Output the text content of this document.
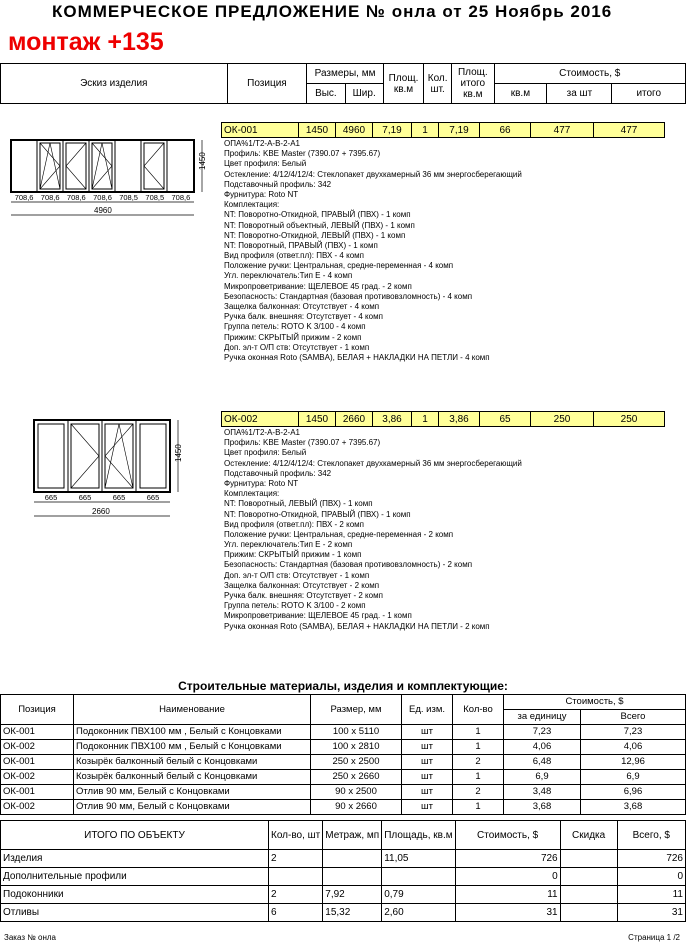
КОММЕРЧЕСКОЕ ПРЕДЛОЖЕНИЕ № онла от 25 Ноябрь 2016
монтаж +135
Эскиз изделия	Позиция	Размеры, мм		Площ. кв.м	Кол. шт.	Площ. итого кв.м	Стоимость, $		
		Выс.	Шир.				кв.м	за шт	итого
ОК-001	1450	4960	7,19	1	7,19	66	477	477
ОПА%1/Т2-А-В-2-А1
Профиль: KBE Master (7390.07 + 7395.67)
Цвет профиля: Белый
Остекление: 4/12/4/12/4: Стеклопакет двухкамерный 36 мм энергосберегающий
Подставочный профиль: 342
Фурнитура: Roto NT
Комплектация:
NT: Поворотно-Откидной, ПРАВЫЙ (ПВХ) - 1 комп
NT: Поворотный объектный, ЛЕВЫЙ (ПВХ) - 1 комп
NT: Поворотно-Откидной, ЛЕВЫЙ (ПВХ) - 1 комп
NT: Поворотный, ПРАВЫЙ (ПВХ) - 1 комп
Вид профиля (ответ.пл): ПВХ - 4 комп
Положение ручки: Центральная, средне-переменная - 4 комп
Угл. переключатель:Тип Е - 4 комп
Микропроветривание: ЩЕЛЕВОЕ 45 град. - 2 комп
Безопасность: Стандартная (базовая противовзломность) - 4 комп
Защелка балконная: Отсутствует - 4 комп
Ручка балк. внешняя: Отсутствует - 4 комп
Группа петель: ROTO K 3/100 - 4 комп
Прижим: СКРЫТЫЙ прижим - 2 комп
Доп. эл-т О/П ств: Отсутствует - 1 комп
Ручка оконная Roto (SAMBA), БЕЛАЯ + НАКЛАДКИ НА ПЕТЛИ - 4 комп
1450
708,6 708,6 708,6 708,6 708,5 708,5 708,6
4960
ОК-002	1450	2660	3,86	1	3,86	65	250	250
ОПА%1/Т2-А-В-2-А1
Профиль: KBE Master (7390.07 + 7395.67)
Цвет профиля: Белый
Остекление: 4/12/4/12/4: Стеклопакет двухкамерный 36 мм энергосберегающий
Подставочный профиль: 342
Фурнитура: Roto NT
Комплектация:
NT: Поворотный, ЛЕВЫЙ (ПВХ) - 1 комп
NT: Поворотно-Откидной, ПРАВЫЙ (ПВХ) - 1 комп
Вид профиля (ответ.пл): ПВХ - 2 комп
Положение ручки: Центральная, средне-переменная - 2 комп
Угл. переключатель:Тип Е - 2 комп
Прижим: СКРЫТЫЙ прижим - 1 комп
Безопасность: Стандартная (базовая противовзломность) - 2 комп
Доп. эл-т О/П ств: Отсутствует - 1 комп
Защелка балконная: Отсутствует - 2 комп
Ручка балк. внешняя: Отсутствует - 2 комп
Группа петель: ROTO K 3/100 - 2 комп
Микропроветривание: ЩЕЛЕВОЕ 45 град. - 1 комп
Ручка оконная Roto (SAMBA), БЕЛАЯ + НАКЛАДКИ НА ПЕТЛИ - 2 комп
1450
665	665	665	665
2660
Строительные материалы, изделия и комплектующие:
Позиция	Наименование	Размер, мм	Ед. изм.	Кол-во	Стоимость, $	
					за единицу	Всего
ОК-001	Подоконник ПВХ100 мм , Белый с Концовками	100 x 5110	шт	1	7,23	7,23
ОК-002	Подоконник ПВХ100 мм , Белый с Концовками	100 x 2810	шт	1	4,06	4,06
ОК-001	Козырёк балконный белый с Концовками	250 x 2500	шт	2	6,48	12,96
ОК-002	Козырёк балконный белый с Концовками	250 x 2660	шт	1	6,9	6,9
ОК-001	Отлив 90 мм, Белый с Концовками	90 x 2500	шт	2	3,48	6,96
ОК-002	Отлив 90 мм, Белый с Концовками	90 x 2660	шт	1	3,68	3,68
ИТОГО ПО ОБЪЕКТУ	Кол-во, шт	Метраж, мп	Площадь, кв.м	Стоимость, $	Скидка	Всего, $
Изделия	2		11,05	726		726
Дополнительные профили				0		0
Подоконники	2	7,92	0,79	11		11
Отливы	6	15,32	2,60	31		31
Заказ № онла	Страница 1 /2
